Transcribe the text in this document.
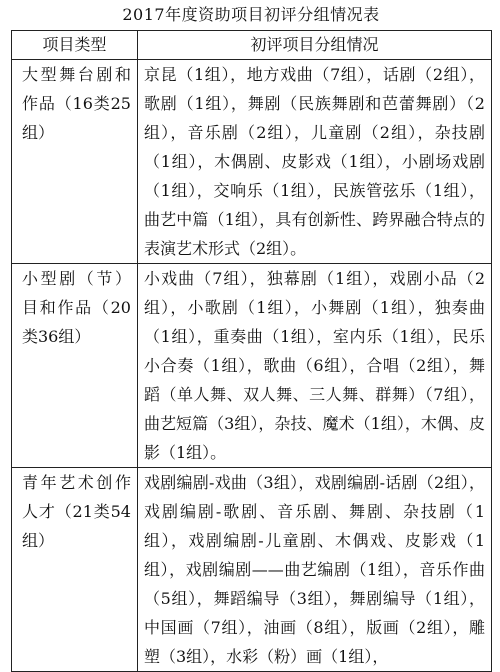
2017年度资助项目初评分组情况表
项目类型	初评项目分组情况
大型舞台剧和作品（16类25组）	京昆（1组），地方戏曲（7组），话剧（2组），歌剧（1组），舞剧（民族舞剧和芭蕾舞剧）（2组），音乐剧（2组），儿童剧（2组），杂技剧（1组），木偶剧、皮影戏（1组），小剧场戏剧（1组），交响乐（1组），民族管弦乐（1组），曲艺中篇（1组），具有创新性、跨界融合特点的表演艺术形式（2组）。
小型剧（节）目和作品（20类36组）	小戏曲（7组），独幕剧（1组），戏剧小品（2组），小歌剧（1组），小舞剧（1组），独奏曲（1组），重奏曲（1组），室内乐（1组），民乐小合奏（1组），歌曲（6组），合唱（2组），舞蹈（单人舞、双人舞、三人舞、群舞）（7组），曲艺短篇（3组），杂技、魔术（1组），木偶、皮影（1组）。
青年艺术创作人才（21类54组）	戏剧编剧-戏曲（3组），戏剧编剧-话剧（2组），戏剧编剧-歌剧、音乐剧、舞剧、杂技剧（1组），戏剧编剧-儿童剧、木偶戏、皮影戏（1组），戏剧编剧——曲艺编剧（1组），音乐作曲（5组），舞蹈编导（3组），舞剧编导（1组），中国画（7组），油画（8组），版画（2组），雕塑（3组），水彩（粉）画（1组），
